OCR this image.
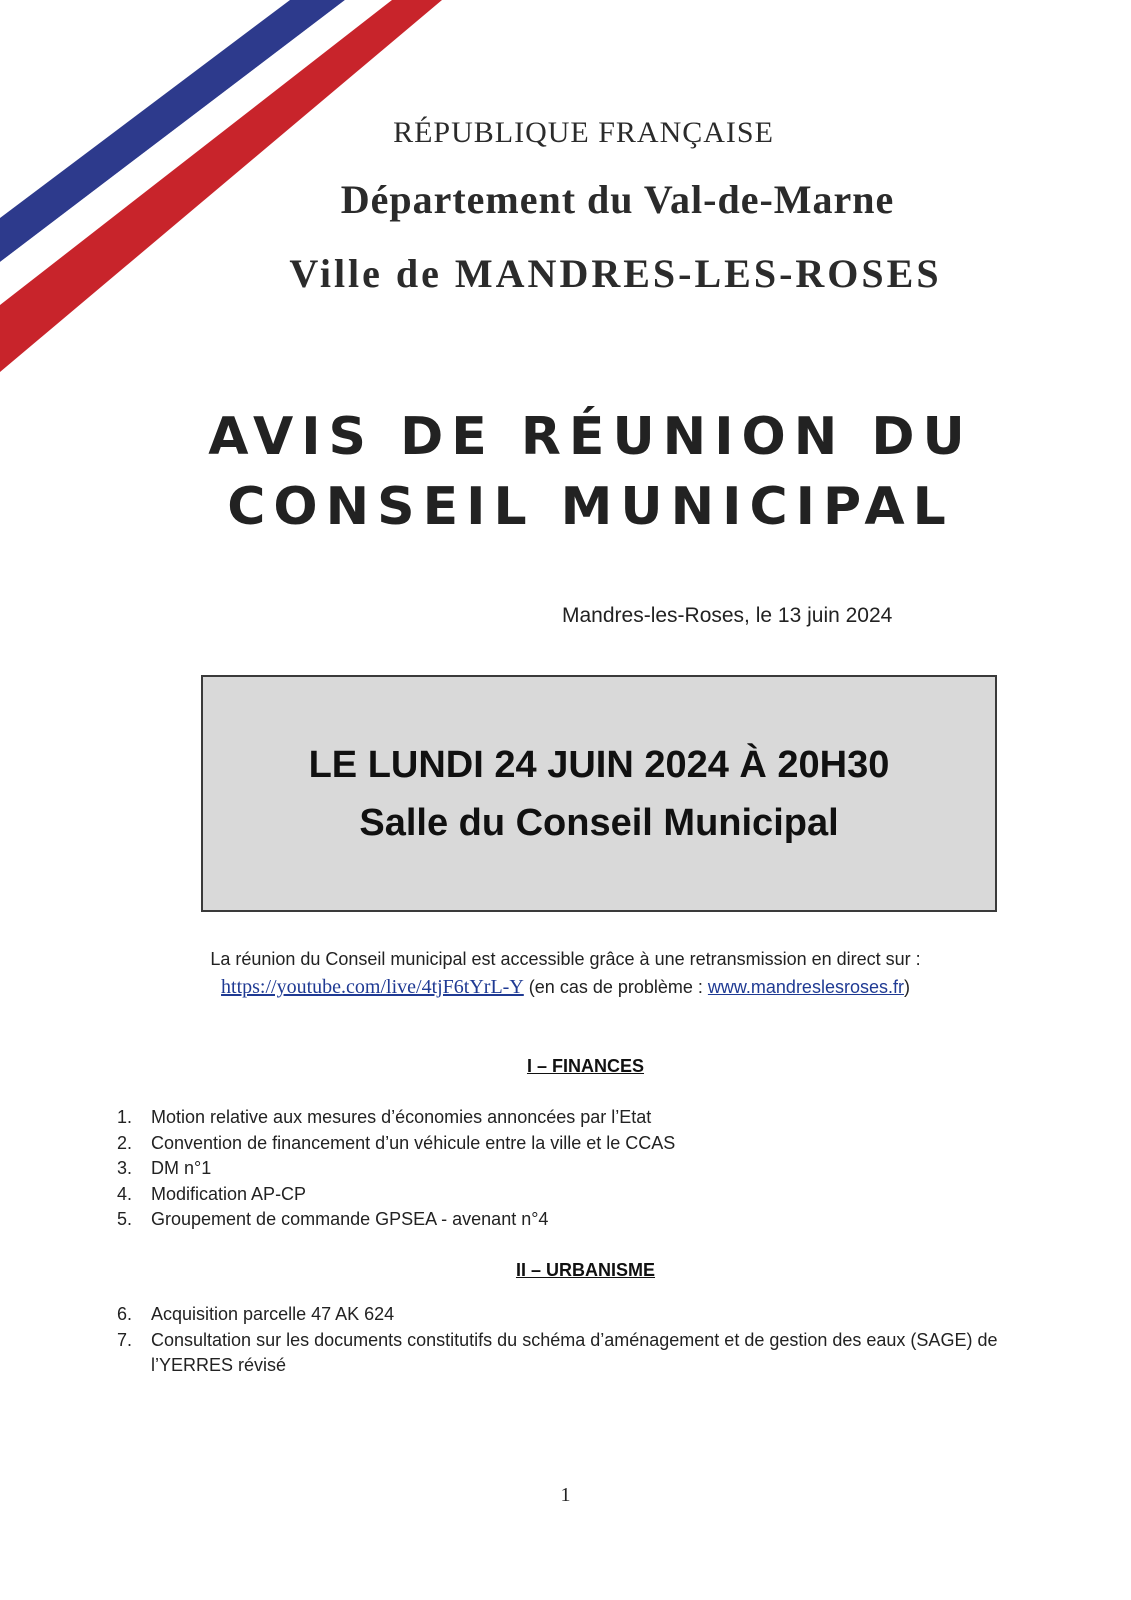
RÉPUBLIQUE FRANÇAISE

Département du Val-de-Marne

Ville de MANDRES-LES-ROSES

AVIS DE RÉUNION DU
CONSEIL MUNICIPAL

Mandres-les-Roses, le 13 juin 2024

LE LUNDI 24 JUIN 2024 À 20H30

Salle du Conseil Municipal

La réunion du Conseil municipal est accessible grâce à une retransmission en direct sur :

https://youtube.com/live/4tjF6tYrL-Y (en cas de problème : www.mandreslesroses.fr)

I – FINANCES

1. Motion relative aux mesures d’économies annoncées par l’Etat
2. Convention de financement d’un véhicule entre la ville et le CCAS
3. DM n°1
4. Modification AP-CP
5. Groupement de commande GPSEA - avenant n°4

II – URBANISME

6. Acquisition parcelle 47 AK 624
7. Consultation sur les documents constitutifs du schéma d’aménagement et de gestion des eaux (SAGE) de l’YERRES révisé

1
